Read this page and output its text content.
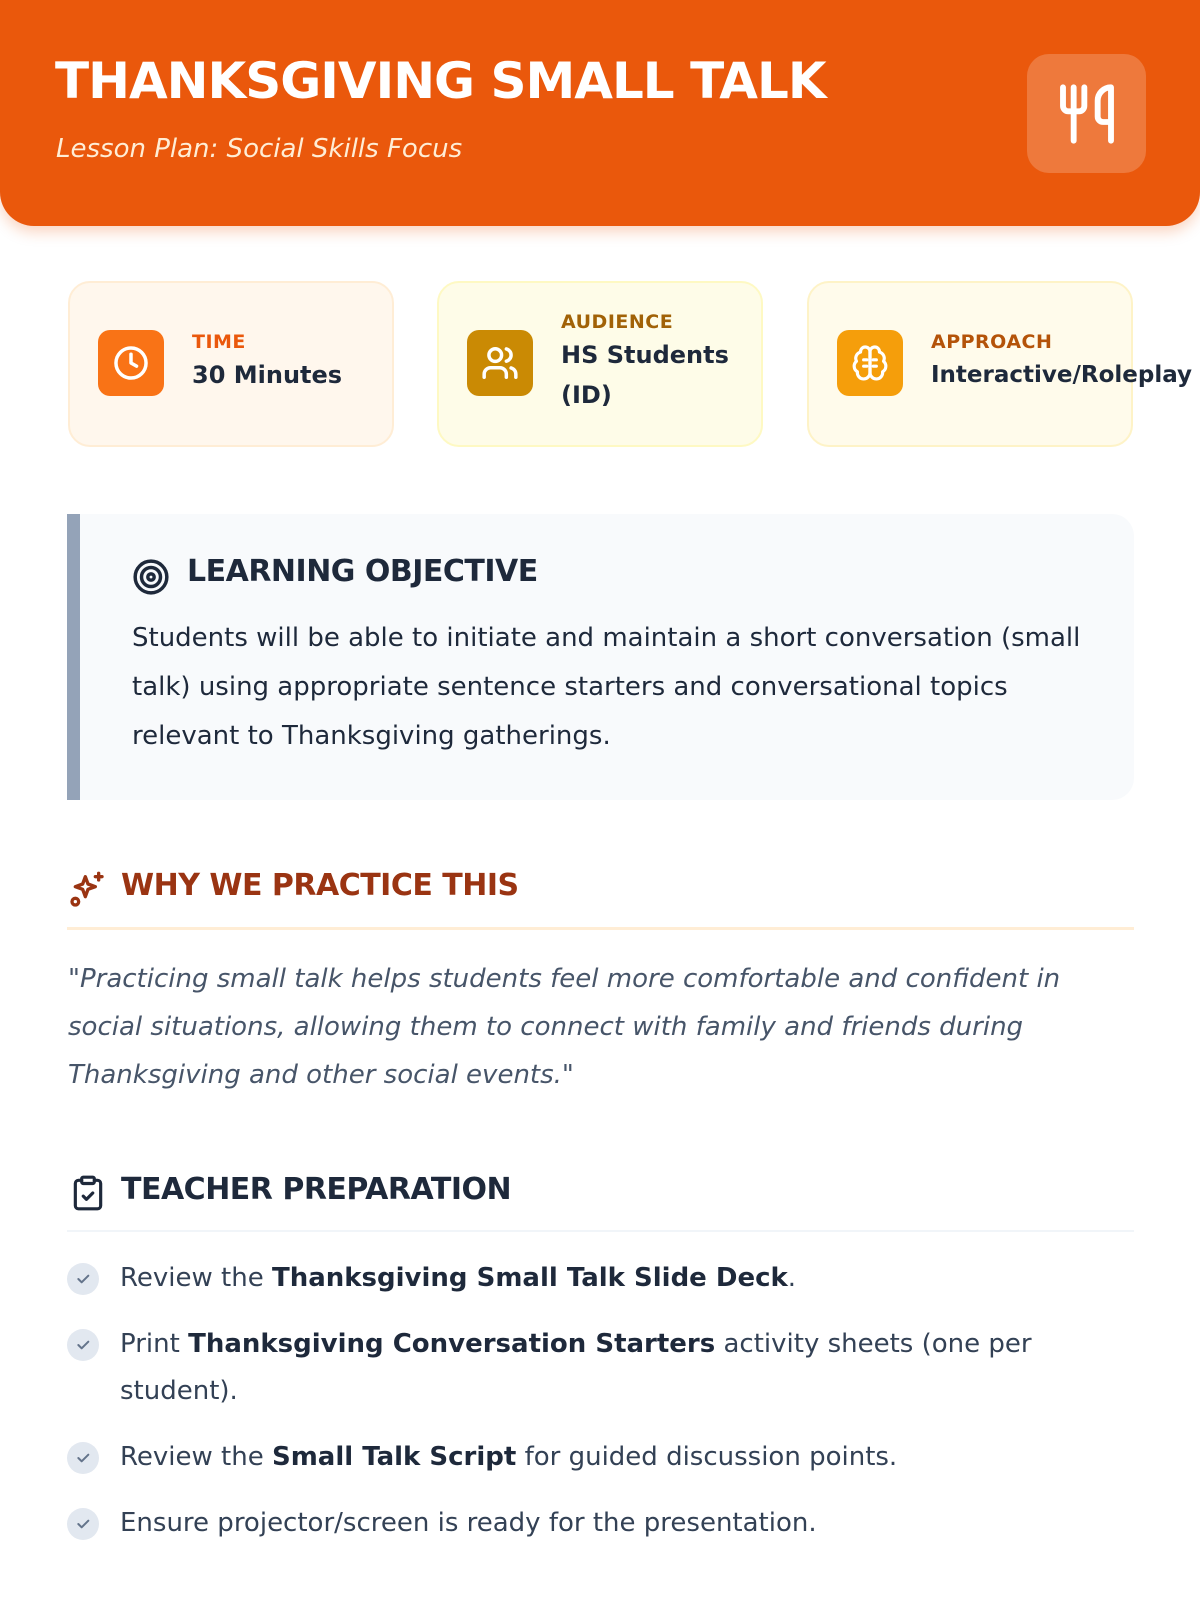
THANKSGIVING SMALL TALK
Lesson Plan: Social Skills Focus
TIME
30 Minutes
AUDIENCE
HS Students (ID)
APPROACH
Interactive/Roleplay
LEARNING OBJECTIVE
Students will be able to initiate and maintain a short conversation (small talk) using appropriate sentence starters and conversational topics relevant to Thanksgiving gatherings.
WHY WE PRACTICE THIS
"Practicing small talk helps students feel more comfortable and confident in social situations, allowing them to connect with family and friends during Thanksgiving and other social events."
TEACHER PREPARATION
Review the Thanksgiving Small Talk Slide Deck.
Print Thanksgiving Conversation Starters activity sheets (one per student).
Review the Small Talk Script for guided discussion points.
Ensure projector/screen is ready for the presentation.
